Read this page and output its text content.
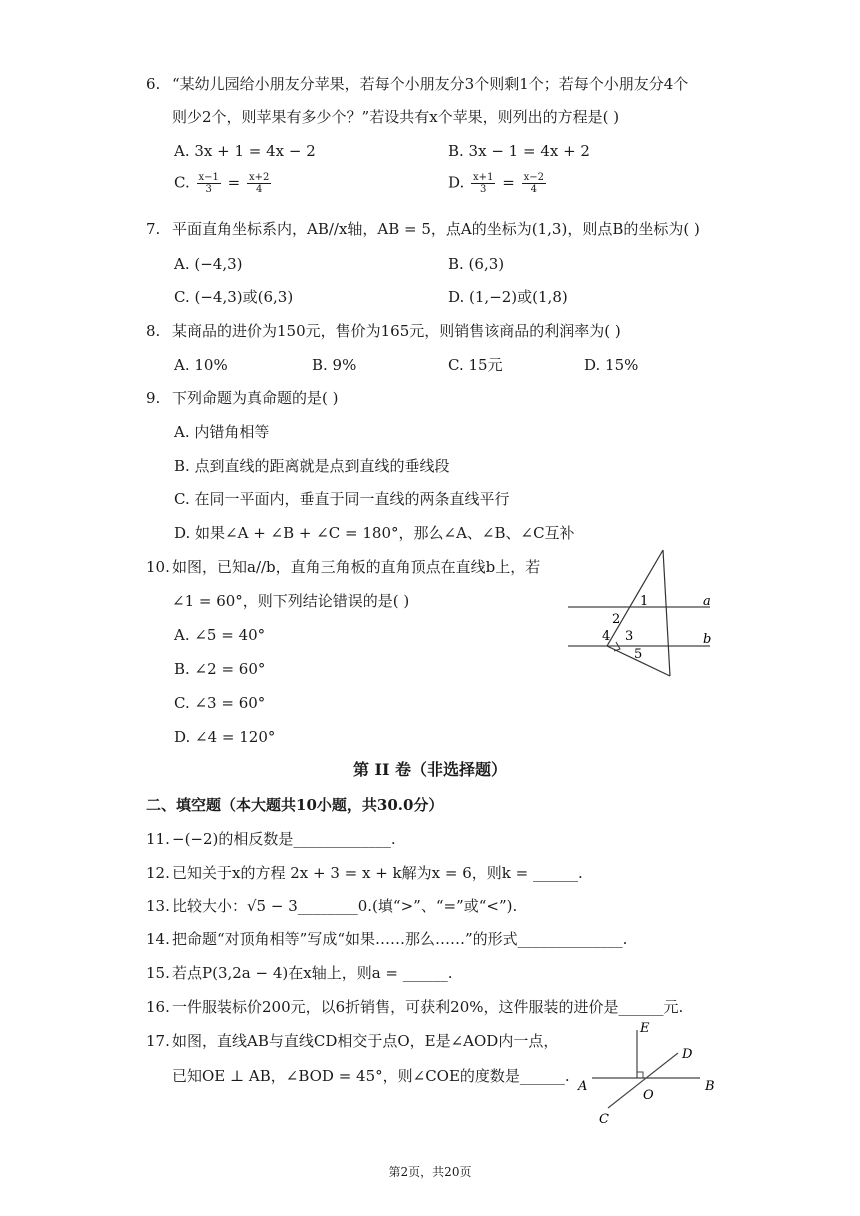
6. “某幼儿园给小朋友分苹果，若每个小朋友分3个则剩1个；若每个小朋友分4个
则少2个，则苹果有多少个？”若设共有x个苹果，则列出的方程是( )
A. 3x + 1 = 4x − 2	B. 3x − 1 = 4x + 2
C. $\frac{x-1}{3} = \frac{x+2}{4}$	D. $\frac{x+1}{3} = \frac{x-2}{4}$
7. 平面直角坐标系内，AB//x轴，AB = 5，点A的坐标为(1,3)，则点B的坐标为( )
A. (−4,3)	B. (6,3)
C. (−4,3)或(6,3)	D. (1,−2)或(1,8)
8. 某商品的进价为150元，售价为165元，则销售该商品的利润率为( )
A. 10%	B. 9%	C. 15元	D. 15%
9. 下列命题为真命题的是( )
A. 内错角相等
B. 点到直线的距离就是点到直线的垂线段
C. 在同一平面内，垂直于同一直线的两条直线平行
D. 如果∠A + ∠B + ∠C = 180°，那么∠A、∠B、∠C互补
10. 如图，已知a//b，直角三角板的直角顶点在直线b上，若
∠1 = 60°，则下列结论错误的是( )
A. ∠5 = 40°
B. ∠2 = 60°
C. ∠3 = 60°
D. ∠4 = 120°
1
2
3
4
5
a
b
第 II 卷（非选择题）
二、填空题（本大题共10小题，共30.0分）
11. −(−2)的相反数是_____________.
12. 已知关于x的方程 2x + 3 = x + k解为x = 6，则k = ______.
13. 比较大小：√5 − 3________0.(填“>”、“=”或“<”).
14. 把命题“对顶角相等”写成“如果……那么……”的形式______________.
15. 若点P(3,2a − 4)在x轴上，则a = ______.
16. 一件服装标价200元，以6折销售，可获利20%，这件服装的进价是______元.
17. 如图，直线AB与直线CD相交于点O，E是∠AOD内一点，
已知OE ⊥ AB，∠BOD = 45°，则∠COE的度数是______.
E
D
A	B
O
C
第2页，共20页
